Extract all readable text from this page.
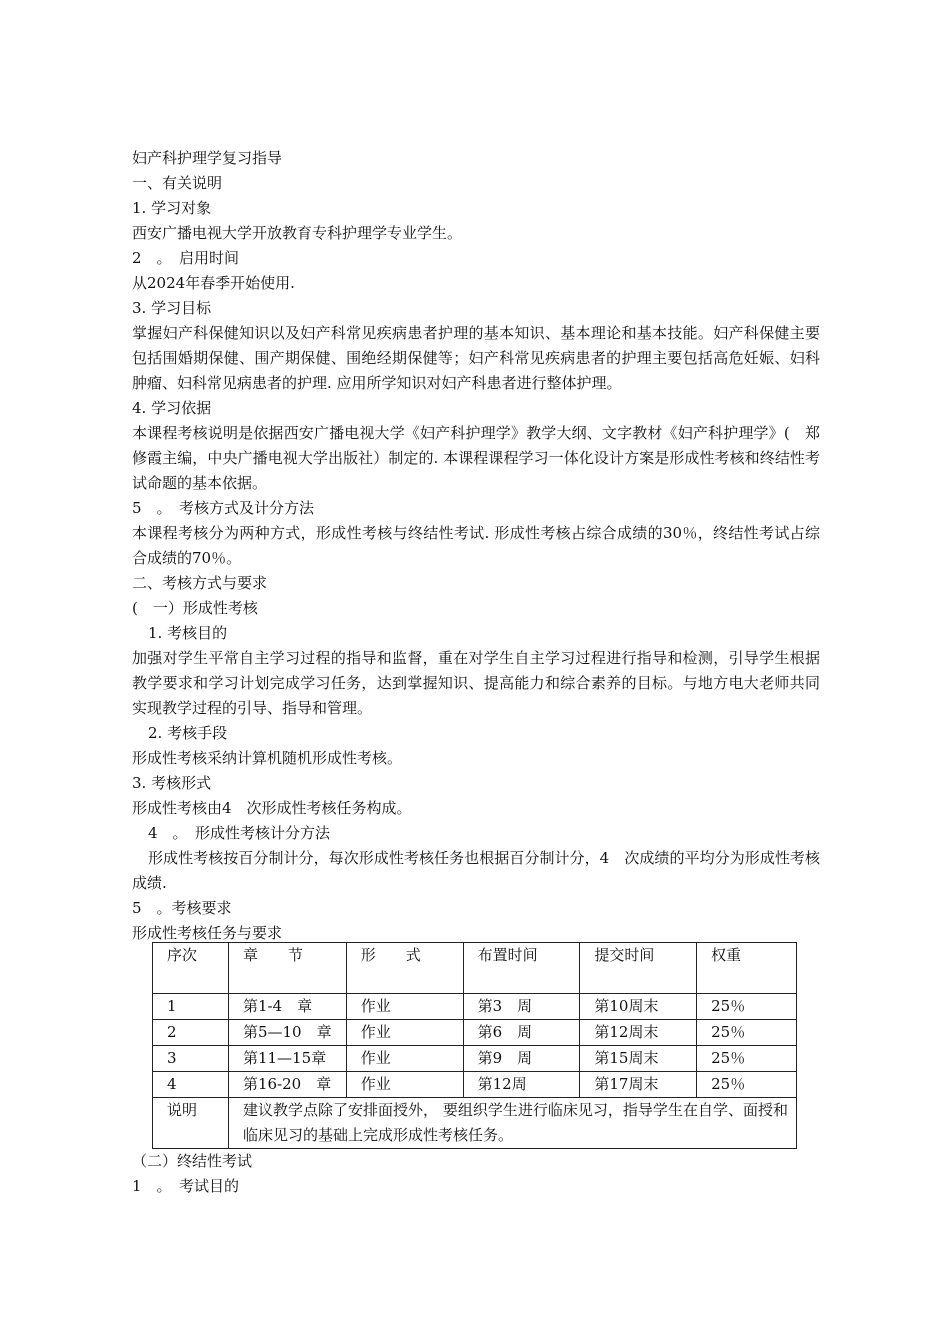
妇产科护理学复习指导
一、有关说明
1. 学习对象
西安广播电视大学开放教育专科护理学专业学生。
2　。　启用时间
从2024年春季开始使用.
3. 学习目标
掌握妇产科保健知识以及妇产科常见疾病患者护理的基本知识、基本理论和基本技能。妇产科保健主要包括围婚期保健、围产期保健、围绝经期保健等；妇产科常见疾病患者的护理主要包括高危妊娠、妇科肿瘤、妇科常见病患者的护理. 应用所学知识对妇产科患者进行整体护理。
4. 学习依据
本课程考核说明是依据西安广播电视大学《妇产科护理学》教学大纲、文字教材《妇产科护理学》(　郑修霞主编，中央广播电视大学出版社）制定的. 本课程课程学习一体化设计方案是形成性考核和终结性考试命题的基本依据。
5　。　考核方式及计分方法
本课程考核分为两种方式，形成性考核与终结性考试. 形成性考核占综合成绩的30％，终结性考试占综合成绩的70％。
二、考核方式与要求
(　一）形成性考核
1. 考核目的
加强对学生平常自主学习过程的指导和监督，重在对学生自主学习过程进行指导和检测，引导学生根据教学要求和学习计划完成学习任务，达到掌握知识、提高能力和综合素养的目标。与地方电大老师共同实现教学过程的引导、指导和管理。
2. 考核手段
形成性考核采纳计算机随机形成性考核。
3. 考核形式
形成性考核由4　次形成性考核任务构成。
4　。　形成性考核计分方法
形成性考核按百分制计分，每次形成性考核任务也根据百分制计分，4　次成绩的平均分为形成性考核成绩.
5　。考核要求
形成性考核任务与要求
序次	章　　节	形　　式	布置时间	提交时间	权重
1	第1-4　章	作业	第3　周	第10周末	25％
2	第5—10　章	作业	第6　周	第12周末	25％
3	第11—15章	作业	第9　周	第15周末	25％
4	第16-20　章	作业	第12周	第17周末	25％
说明	建议教学点除了安排面授外， 要组织学生进行临床见习，指导学生在自学、面授和临床见习的基础上完成形成性考核任务。				
（二）终结性考试
1　。　考试目的
